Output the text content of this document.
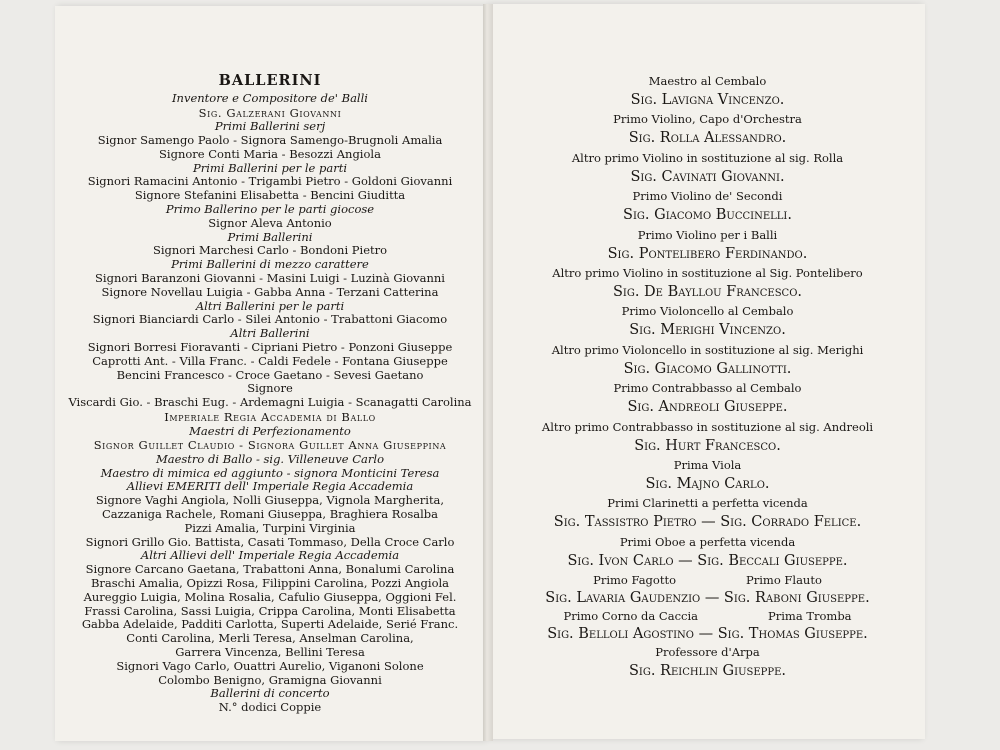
BALLERINI
Inventore e Compositore de' Balli
Sig. Galzerani Giovanni
Primi Ballerini serj
Signor Samengo Paolo - Signora Samengo-Brugnoli Amalia
Signore Conti Maria - Besozzi Angiola
Primi Ballerini per le parti
Signori Ramacini Antonio - Trigambi Pietro - Goldoni Giovanni
Signore Stefanini Elisabetta - Bencini Giuditta
Primo Ballerino per le parti giocose
Signor Aleva Antonio
Primi Ballerini
Signori Marchesi Carlo - Bondoni Pietro
Primi Ballerini di mezzo carattere
Signori Baranzoni Giovanni - Masini Luigi - Luzinà Giovanni
Signore Novellau Luigia - Gabba Anna - Terzani Catterina
Altri Ballerini per le parti
Signori Bianciardi Carlo - Silei Antonio - Trabattoni Giacomo
Altri Ballerini
Signori Borresi Fioravanti - Cipriani Pietro - Ponzoni Giuseppe
Caprotti Ant. - Villa Franc. - Caldi Fedele - Fontana Giuseppe
Bencini Francesco - Croce Gaetano - Sevesi Gaetano
Signore
Viscardi Gio. - Braschi Eug. - Ardemagni Luigia - Scanagatti Carolina
Imperiale Regia Accademia di Ballo
Maestri di Perfezionamento
Signor Guillet Claudio - Signora Guillet Anna Giuseppina
Maestro di Ballo - sig. Villeneuve Carlo
Maestro di mimica ed aggiunto - signora Monticini Teresa
Allievi EMERITI dell' Imperiale Regia Accademia
Signore Vaghi Angiola, Nolli Giuseppa, Vignola Margherita,
Cazzaniga Rachele, Romani Giuseppa, Braghiera Rosalba
Pizzi Amalia, Turpini Virginia
Signori Grillo Gio. Battista, Casati Tommaso, Della Croce Carlo
Altri Allievi dell' Imperiale Regia Accademia
Signore Carcano Gaetana, Trabattoni Anna, Bonalumi Carolina
Braschi Amalia, Opizzi Rosa, Filippini Carolina, Pozzi Angiola
Aureggio Luigia, Molina Rosalia, Cafulio Giuseppa, Oggioni Fel.
Frassi Carolina, Sassi Luigia, Crippa Carolina, Monti Elisabetta
Gabba Adelaide, Padditi Carlotta, Superti Adelaide, Serié Franc.
Conti Carolina, Merli Teresa, Anselman Carolina,
Garrera Vincenza, Bellini Teresa
Signori Vago Carlo, Ouattri Aurelio, Viganoni Solone
Colombo Benigno, Gramigna Giovanni
Ballerini di concerto
N.° dodici Coppie
Maestro al Cembalo
Sig. Lavigna Vincenzo.
Primo Violino, Capo d'Orchestra
Sig. Rolla Alessandro.
Altro primo Violino in sostituzione al sig. Rolla
Sig. Cavinati Giovanni.
Primo Violino de' Secondi
Sig. Giacomo Buccinelli.
Primo Violino per i Balli
Sig. Pontelibero Ferdinando.
Altro primo Violino in sostituzione al Sig. Pontelibero
Sig. De Bayllou Francesco.
Primo Violoncello al Cembalo
Sig. Merighi Vincenzo.
Altro primo Violoncello in sostituzione al sig. Merighi
Sig. Giacomo Gallinotti.
Primo Contrabbasso al Cembalo
Sig. Andreoli Giuseppe.
Altro primo Contrabbasso in sostituzione al sig. Andreoli
Sig. Hurt Francesco.
Prima Viola
Sig. Majno Carlo.
Primi Clarinetti a perfetta vicenda
Sig. Tassistro Pietro — Sig. Corrado Felice.
Primi Oboe a perfetta vicenda
Sig. Ivon Carlo — Sig. Beccali Giuseppe.
Primo Fagotto	Primo Flauto
Sig. Lavaria Gaudenzio — Sig. Raboni Giuseppe.
Primo Corno da Caccia	Prima Tromba
Sig. Belloli Agostino — Sig. Thomas Giuseppe.
Professore d'Arpa
Sig. Reichlin Giuseppe.
